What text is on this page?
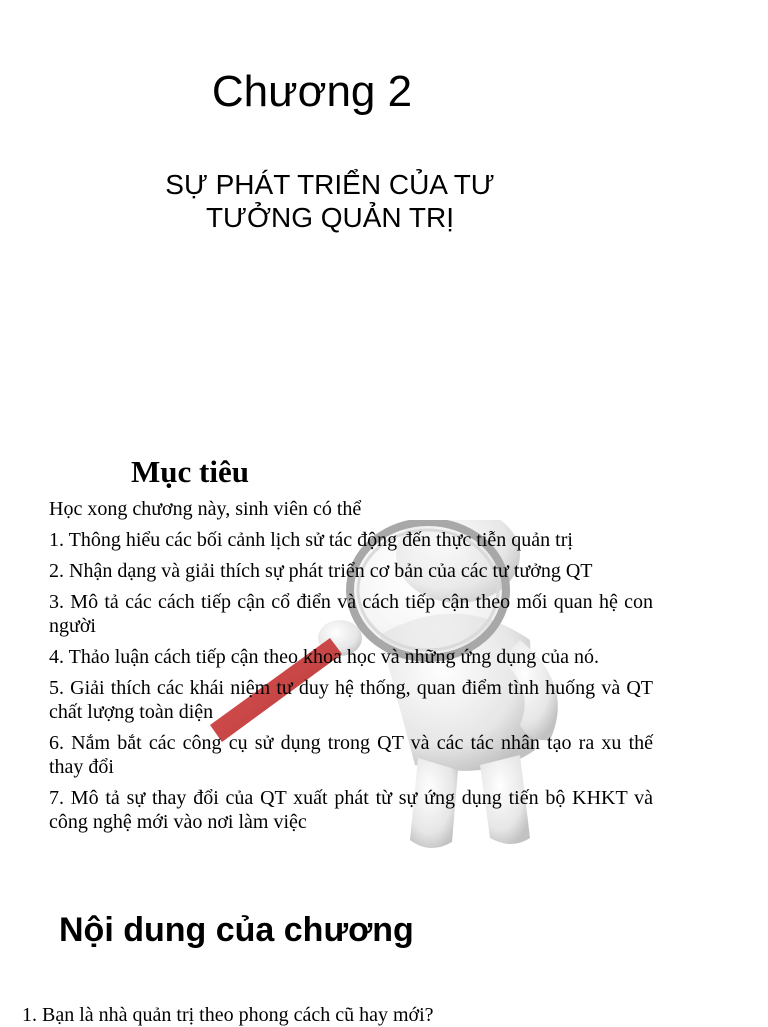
Chương 2
SỰ PHÁT TRIỂN CỦA TƯ
TƯỞNG QUẢN TRỊ
Mục tiêu

Học xong chương này, sinh viên có thể

1. Thông hiểu các bối cảnh lịch sử tác động đến thực tiễn quản trị
2. Nhận dạng và giải thích sự phát triển cơ bản của các tư tưởng QT
3. Mô tả các cách tiếp cận cổ điển và cách tiếp cận theo mối quan hệ con người
4. Thảo luận cách tiếp cận theo khoa học và những ứng dụng của nó.
5. Giải thích các khái niệm tư duy hệ thống, quan điểm tình huống và QT chất lượng toàn diện
6. Nắm bắt các công cụ sử dụng trong QT và các tác nhân tạo ra xu thế thay đổi
7. Mô tả sự thay đổi của QT xuất phát từ sự ứng dụng tiến bộ KHKT và công nghệ mới vào nơi làm việc
Nội dung của chương

1. Bạn là nhà quản trị theo phong cách cũ hay mới?
